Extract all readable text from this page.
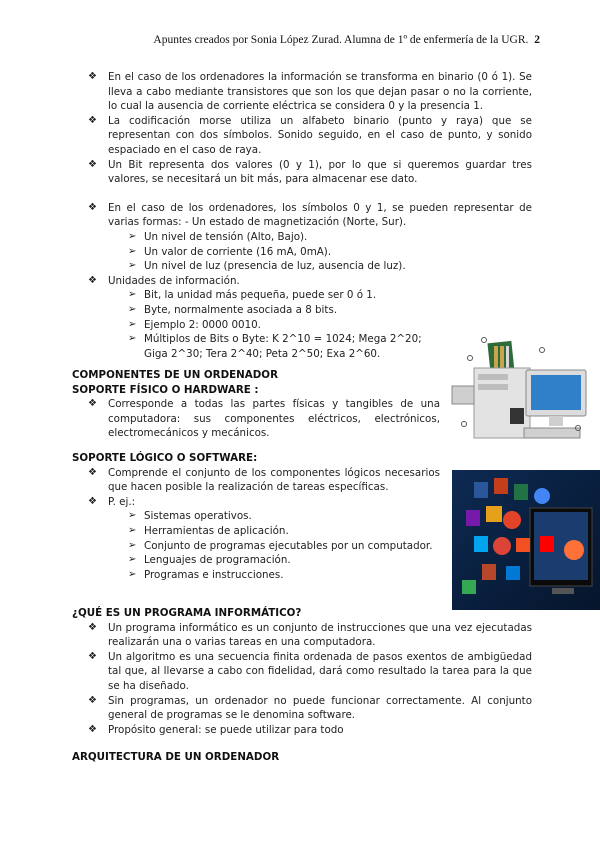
Apuntes creados por Sonia López Zurad. Alumna de 1º de enfermería de la UGR. 2
❖ En el caso de los ordenadores la información se transforma en binario (0 ó 1). Se lleva a cabo mediante transistores que son los que dejan pasar o no la corriente, lo cual la ausencia de corriente eléctrica se considera 0 y la presencia 1.
❖ La codificación morse utiliza un alfabeto binario (punto y raya) que se representan con dos símbolos. Sonido seguido, en el caso de punto, y sonido espaciado en el caso de raya.
❖ Un Bit representa dos valores (0 y 1), por lo que si queremos guardar tres valores, se necesitará un bit más, para almacenar ese dato.
❖ En el caso de los ordenadores, los símbolos 0 y 1, se pueden representar de varias formas: - Un estado de magnetización (Norte, Sur).
➢ Un nivel de tensión (Alto, Bajo).
➢ Un valor de corriente (16 mA, 0mA).
➢ Un nivel de luz (presencia de luz, ausencia de luz).
❖ Unidades de información.
➢ Bit, la unidad más pequeña, puede ser 0 ó 1.
➢ Byte, normalmente asociada a 8 bits.
➢ Ejemplo 2: 0000 0010.
➢ Múltiplos de Bits o Byte: K 2^10 = 1024; Mega 2^20; Giga 2^30; Tera 2^40; Peta 2^50; Exa 2^60.
COMPONENTES DE UN ORDENADOR
SOPORTE FÍSICO O HARDWARE :
❖ Corresponde a todas las partes físicas y tangibles de una computadora: sus componentes eléctricos, electrónicos, electromecánicos y mecánicos.
SOPORTE LÓGICO O SOFTWARE:
❖ Comprende el conjunto de los componentes lógicos necesarios que hacen posible la realización de tareas específicas.
❖ P. ej.:
➢ Sistemas operativos.
➢ Herramientas de aplicación.
➢ Conjunto de programas ejecutables por un computador.
➢ Lenguajes de programación.
➢ Programas e instrucciones.
¿QUÉ ES UN PROGRAMA INFORMÁTICO?
❖ Un programa informático es un conjunto de instrucciones que una vez ejecutadas realizarán una o varias tareas en una computadora.
❖ Un algoritmo es una secuencia finita ordenada de pasos exentos de ambigüedad tal que, al llevarse a cabo con fidelidad, dará como resultado la tarea para la que se ha diseñado.
❖ Sin programas, un ordenador no puede funcionar correctamente. Al conjunto general de programas se le denomina software.
❖ Propósito general: se puede utilizar para todo
ARQUITECTURA DE UN ORDENADOR
